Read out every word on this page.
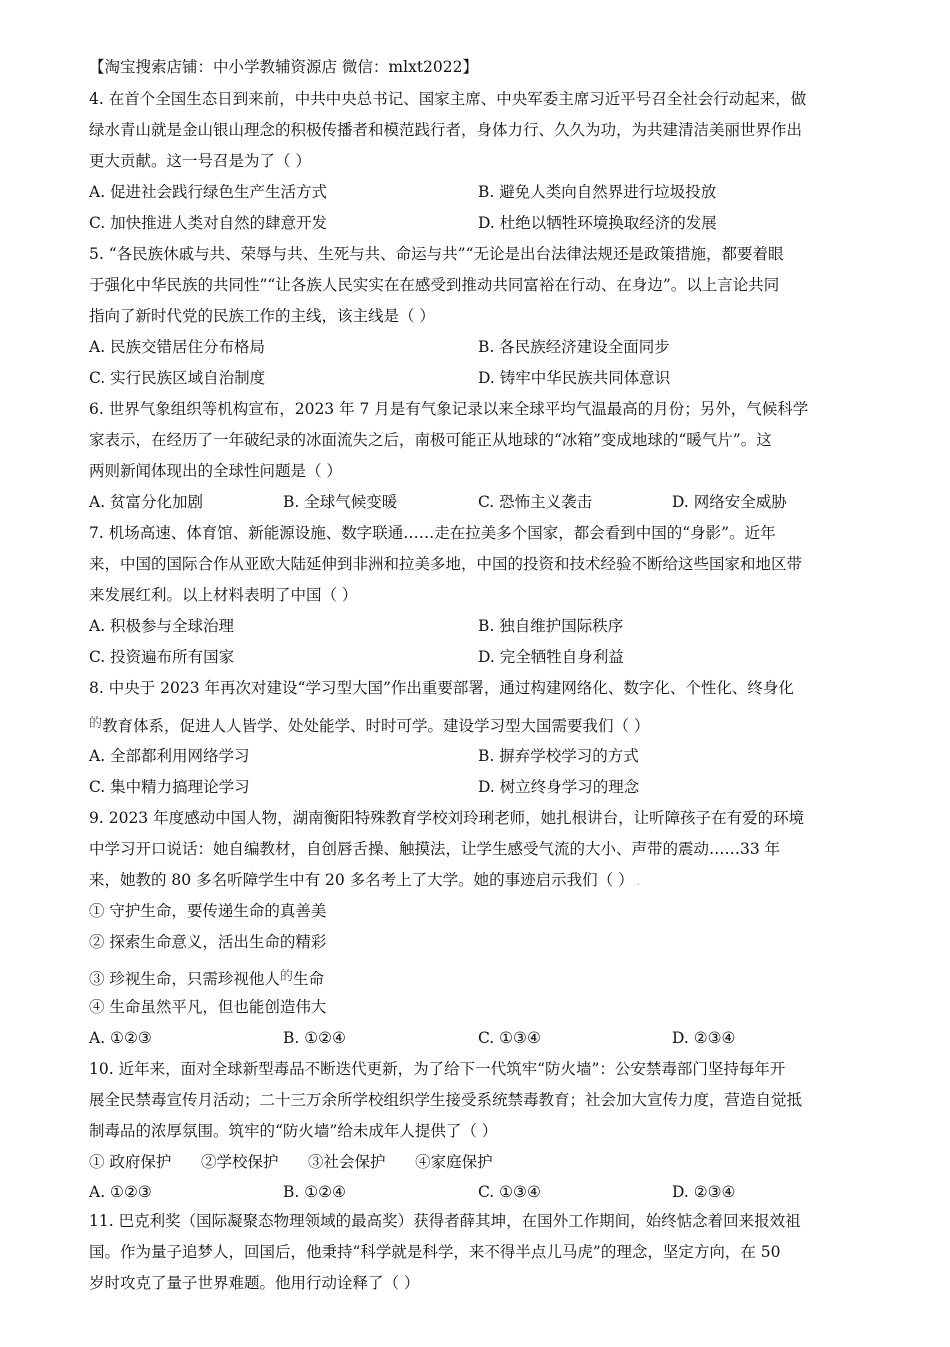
【淘宝搜索店铺：中小学教辅资源店 微信：mlxt2022】
4. 在首个全国生态日到来前，中共中央总书记、国家主席、中央军委主席习近平号召全社会行动起来，做
绿水青山就是金山银山理念的积极传播者和模范践行者，身体力行、久久为功，为共建清洁美丽世界作出
更大贡献。这一号召是为了（ ）
A. 促进社会践行绿色生产生活方式	B. 避免人类向自然界进行垃圾投放
C. 加快推进人类对自然的肆意开发	D. 杜绝以牺牲环境换取经济的发展
5. “各民族休戚与共、荣辱与共、生死与共、命运与共”“无论是出台法律法规还是政策措施，都要着眼
于强化中华民族的共同性”“让各族人民实实在在感受到推动共同富裕在行动、在身边”。以上言论共同
指向了新时代党的民族工作的主线，该主线是（ ）
A. 民族交错居住分布格局	B. 各民族经济建设全面同步
C. 实行民族区域自治制度	D. 铸牢中华民族共同体意识
6. 世界气象组织等机构宣布，2023 年 7 月是有气象记录以来全球平均气温最高的月份；另外，气候科学
家表示，在经历了一年破纪录的冰面流失之后，南极可能正从地球的“冰箱”变成地球的“暖气片”。这
两则新闻体现出的全球性问题是（ ）
A. 贫富分化加剧	B. 全球气候变暖	C. 恐怖主义袭击	D. 网络安全威胁
7. 机场高速、体育馆、新能源设施、数字联通……走在拉美多个国家，都会看到中国的“身影”。近年
来，中国的国际合作从亚欧大陆延伸到非洲和拉美多地，中国的投资和技术经验不断给这些国家和地区带
来发展红利。以上材料表明了中国（ ）
A. 积极参与全球治理	B. 独自维护国际秩序
C. 投资遍布所有国家	D. 完全牺牲自身利益
8. 中央于 2023 年再次对建设“学习型大国”作出重要部署，通过构建网络化、数字化、个性化、终身化
$^的$教育体系，促进人人皆学、处处能学、时时可学。建设学习型大国需要我们（ ）
A. 全部都利用网络学习	B. 摒弃学校学习的方式
C. 集中精力搞理论学习	D. 树立终身学习的理念
9. 2023 年度感动中国人物，湖南衡阳特殊教育学校刘玲琍老师，她扎根讲台，让听障孩子在有爱的环境
中学习开口说话：她自编教材，自创唇舌操、触摸法，让学生感受气流的大小、声带的震动……33 年
来，她教的 80 多名听障学生中有 20 多名考上了大学。她的事迹启示我们（ ） .
① 守护生命，要传递生命的真善美
② 探索生命意义，活出生命的精彩
③ 珍视生命，只需珍视他人$^的$生命
④ 生命虽然平凡，但也能创造伟大
A. ①②③	B. ①②④	C. ①③④	D. ②③④
10. 近年来，面对全球新型毒品不断迭代更新，为了给下一代筑牢“防火墙”：公安禁毒部门坚持每年开
展全民禁毒宣传月活动；二十三万余所学校组织学生接受系统禁毒教育；社会加大宣传力度，营造自觉抵
制毒品的浓厚氛围。筑牢的“防火墙”给未成年人提供了（ ）
① 政府保护      ②学校保护      ③社会保护      ④家庭保护
A. ①②③	B. ①②④	C. ①③④	D. ②③④
11. 巴克利奖（国际凝聚态物理领域的最高奖）获得者薛其坤，在国外工作期间，始终惦念着回来报效祖
国。作为量子追梦人，回国后，他秉持“科学就是科学，来不得半点儿马虎”的理念，坚定方向，在 50
岁时攻克了量子世界难题。他用行动诠释了（ ）
